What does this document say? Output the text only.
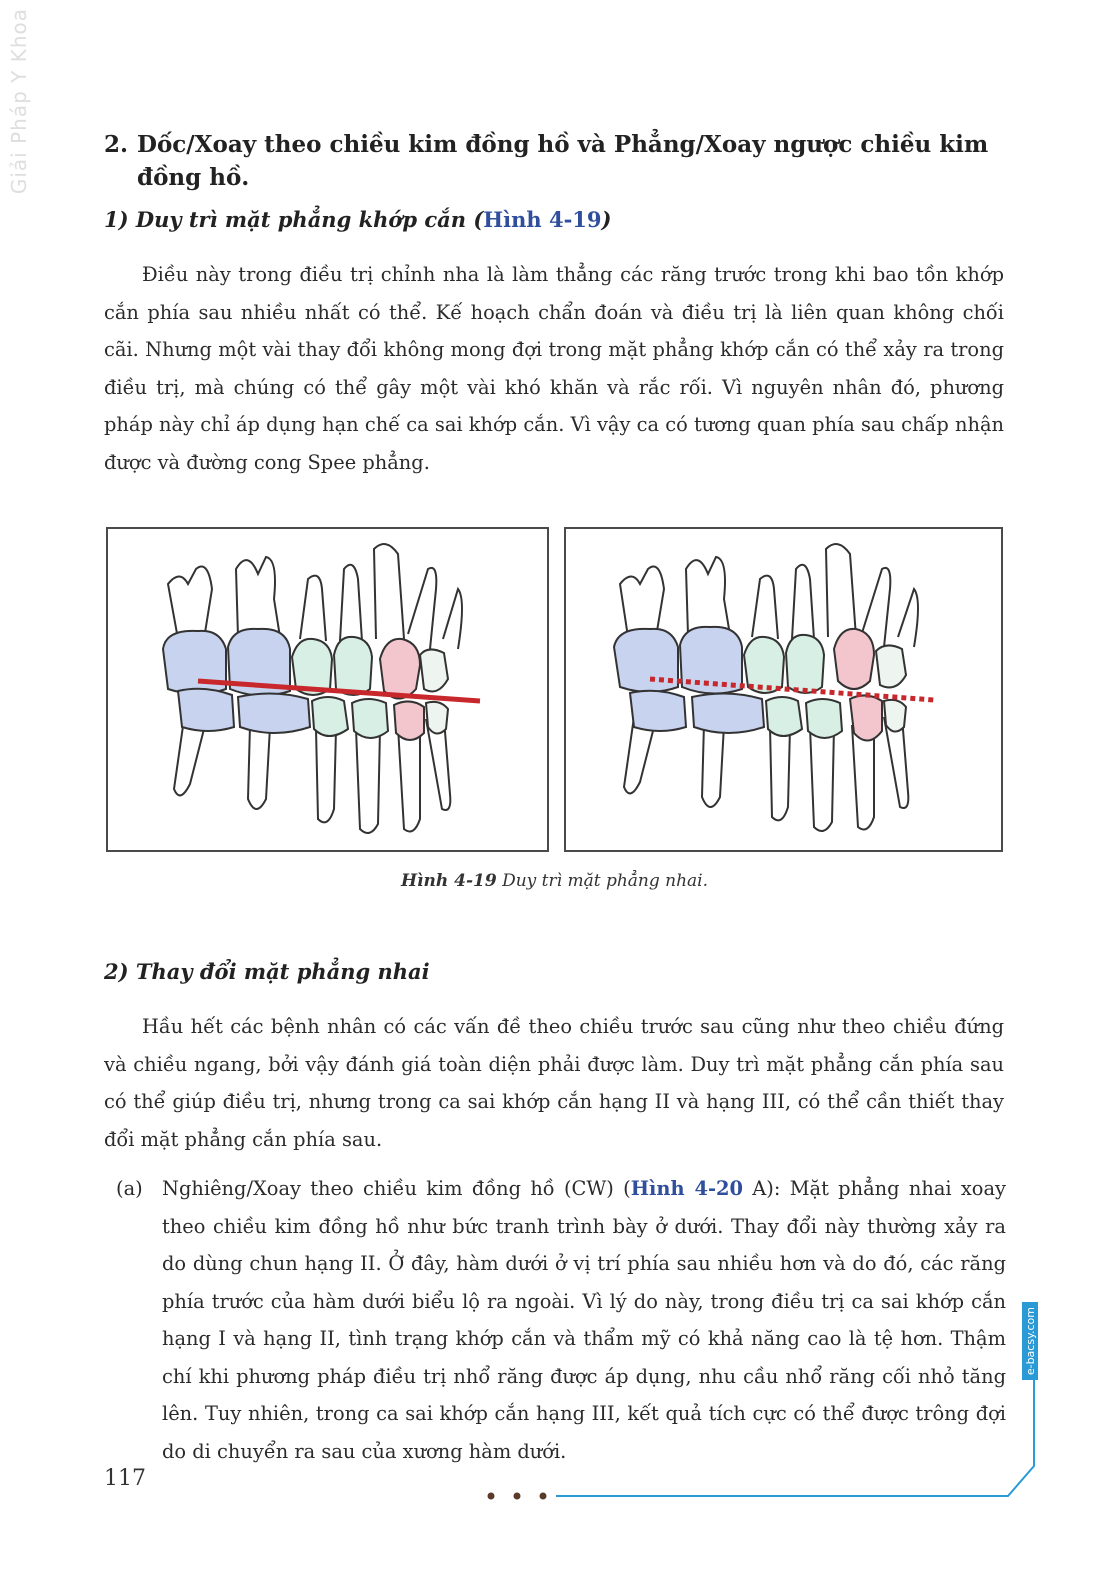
Giải Pháp Y Khoa	2. Dốc/Xoay theo chiều kim đồng hồ và Phẳng/Xoay ngược chiều kim đồng hồ.
1) Duy trì mặt phẳng khớp cắn (Hình 4-19)

Điều này trong điều trị chỉnh nha là làm thẳng các răng trước trong khi bao tồn khớp cắn phía sau nhiều nhất có thể. Kế hoạch chẩn đoán và điều trị là liên quan không chối cãi. Nhưng một vài thay đổi không mong đợi trong mặt phẳng khớp cắn có thể xảy ra trong điều trị, mà chúng có thể gây một vài khó khăn và rắc rối. Vì nguyên nhân đó, phương pháp này chỉ áp dụng hạn chế ca sai khớp cắn. Vì vậy ca có tương quan phía sau chấp nhận được và đường cong Spee phẳng.

Hình 4-19 Duy trì mặt phẳng nhai.
2) Thay đổi mặt phẳng nhai

Hầu hết các bệnh nhân có các vấn đề theo chiều trước sau cũng như theo chiều đứng và chiều ngang, bởi vậy đánh giá toàn diện phải được làm. Duy trì mặt phẳng cắn phía sau có thể giúp điều trị, nhưng trong ca sai khớp cắn hạng II và hạng III, có thể cần thiết thay đổi mặt phẳng cắn phía sau.

(a) Nghiêng/Xoay theo chiều kim đồng hồ (CW) (Hình 4-20 A): Mặt phẳng nhai xoay theo chiều kim đồng hồ như bức tranh trình bày ở dưới. Thay đổi này thường xảy ra do dùng chun hạng II. Ở đây, hàm dưới ở vị trí phía sau nhiều hơn và do đó, các răng phía trước của hàm dưới biểu lộ ra ngoài. Vì lý do này, trong điều trị ca sai khớp cắn hạng I và hạng II, tình trạng khớp cắn và thẩm mỹ có khả năng cao là tệ hơn. Thậm chí khi phương pháp điều trị nhổ răng được áp dụng, nhu cầu nhổ răng cối nhỏ tăng lên. Tuy nhiên, trong ca sai khớp cắn hạng III, kết quả tích cực có thể được trông đợi do di chuyển ra sau của xương hàm dưới.

117
e-bacsy.com
